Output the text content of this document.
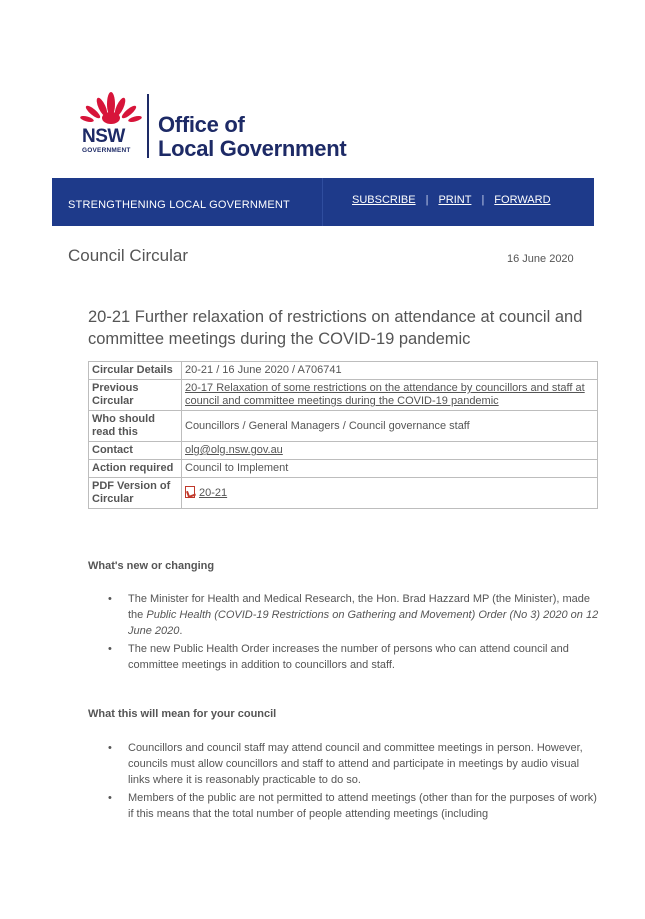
NSW
GOVERNMENT
Office of
Local Government
STRENGTHENING LOCAL GOVERNMENT	SUBSCRIBE | PRINT | FORWARD
Council Circular	16 June 2020
20-21 Further relaxation of restrictions on attendance at council and committee meetings during the COVID-19 pandemic
Circular Details	20-21 / 16 June 2020 / A706741
Previous Circular	20-17 Relaxation of some restrictions on the attendance by councillors and staff at council and committee meetings during the COVID-19 pandemic
Who should read this	Councillors / General Managers / Council governance staff
Contact	olg@olg.nsw.gov.au
Action required	Council to Implement
PDF Version of Circular	20-21
What's new or changing
• The Minister for Health and Medical Research, the Hon. Brad Hazzard MP (the Minister), made the Public Health (COVID-19 Restrictions on Gathering and Movement) Order (No 3) 2020 on 12 June 2020.
• The new Public Health Order increases the number of persons who can attend council and committee meetings in addition to councillors and staff.
What this will mean for your council
• Councillors and council staff may attend council and committee meetings in person. However, councils must allow councillors and staff to attend and participate in meetings by audio visual links where it is reasonably practicable to do so.
• Members of the public are not permitted to attend meetings (other than for the purposes of work) if this means that the total number of people attending meetings (including
